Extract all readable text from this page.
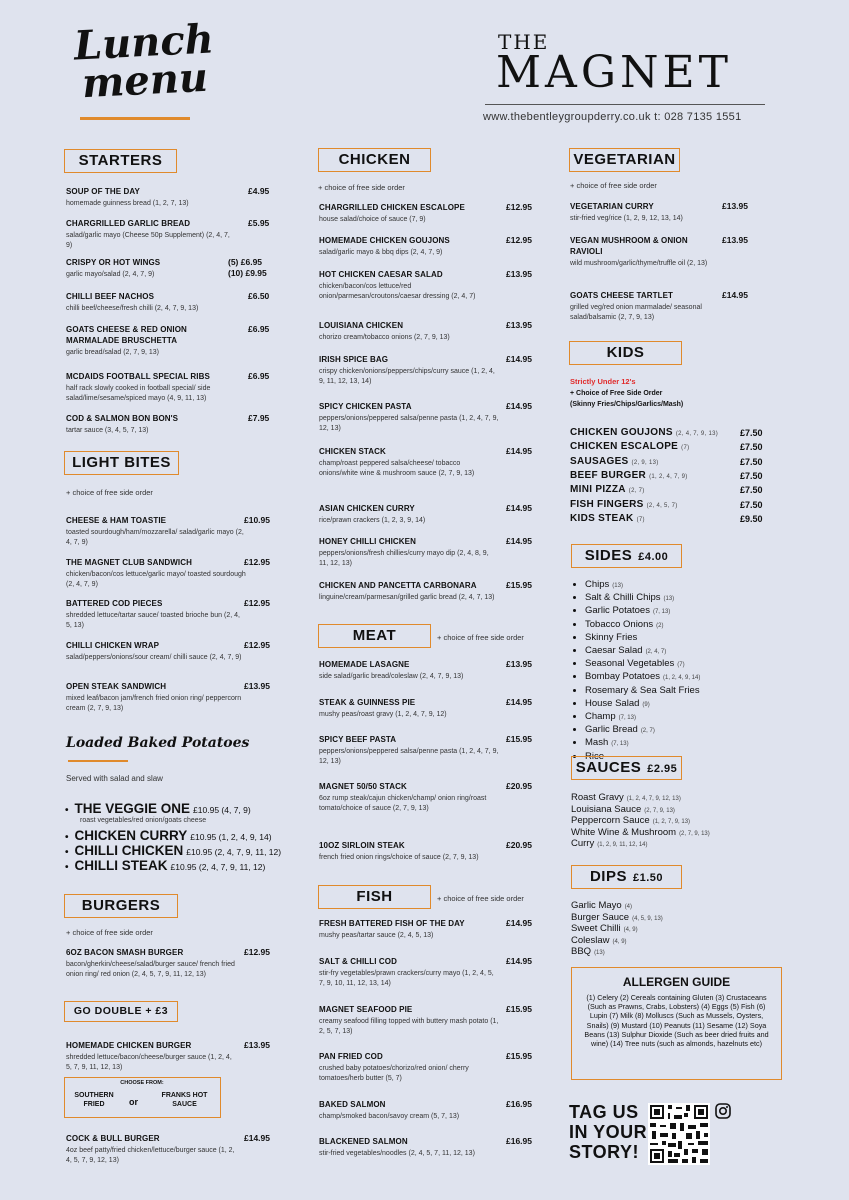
Lunch
menu
THE
MAGNET
www.thebentleygroupderry.co.uk t: 028 7135 1551
STARTERS
SOUP OF THE DAY
homemade guinness bread (1, 2, 7, 13)
£4.95
CHARGRILLED GARLIC BREAD
salad/garlic mayo (Cheese 50p Supplement) (2, 4, 7, 9)
£5.95
CRISPY OR HOT WINGS
garlic mayo/salad (2, 4, 7, 9)
(5) £6.95
(10) £9.95
CHILLI BEEF NACHOS
chilli beef/cheese/fresh chilli (2, 4, 7, 9, 13)
£6.50
GOATS CHEESE & RED ONION MARMALADE BRUSCHETTA
garlic bread/salad (2, 7, 9, 13)
£6.95
MCDAIDS FOOTBALL SPECIAL RIBS
half rack slowly cooked in football special/ side salad/lime/sesame/spiced mayo (4, 9, 11, 13)
£6.95
COD & SALMON BON BON'S
tartar sauce (3, 4, 5, 7, 13)
£7.95
LIGHT BITES
+ choice of free side order
CHEESE & HAM TOASTIE
toasted sourdough/ham/mozzarella/ salad/garlic mayo (2, 4, 7, 9)
£10.95
THE MAGNET CLUB SANDWICH
chicken/bacon/cos lettuce/garlic mayo/ toasted sourdough (2, 4, 7, 9)
£12.95
BATTERED COD PIECES
shredded lettuce/tartar sauce/ toasted brioche bun (2, 4, 5, 13)
£12.95
CHILLI CHICKEN WRAP
salad/peppers/onions/sour cream/ chilli sauce (2, 4, 7, 9)
£12.95
OPEN STEAK SANDWICH
mixed leaf/bacon jam/french fried onion ring/ peppercorn cream (2, 7, 9, 13)
£13.95
Loaded Baked Potatoes
Served with salad and slaw
• THE VEGGIE ONE £10.95 (4, 7, 9)
roast vegetables/red onion/goats cheese
• CHICKEN CURRY £10.95 (1, 2, 4, 9, 14)
• CHILLI CHICKEN £10.95 (2, 4, 7, 9, 11, 12)
• CHILLI STEAK £10.95 (2, 4, 7, 9, 11, 12)
BURGERS
+ choice of free side order
6OZ BACON SMASH BURGER
bacon/gherkin/cheese/salad/burger sauce/ french fried onion ring/ red onion (2, 4, 5, 7, 9, 11, 12, 13)
£12.95
HOMEMADE CHICKEN BURGER
shredded lettuce/bacon/cheese/burger sauce (1, 2, 4, 5, 7, 9, 11, 12, 13)
£13.95
COCK & BULL BURGER
4oz beef patty/fried chicken/lettuce/burger sauce (1, 2, 4, 5, 7, 9, 12, 13)
£14.95
GO DOUBLE + £3
CHOOSE FROM:
SOUTHERN FRIED	or
FRANKS HOT SAUCE
CHICKEN
+ choice of free side order
CHARGRILLED CHICKEN ESCALOPE
house salad/choice of sauce (7, 9)
£12.95
HOMEMADE CHICKEN GOUJONS
salad/garlic mayo & bbq dips (2, 4, 7, 9)
£12.95
HOT CHICKEN CAESAR SALAD
chicken/bacon/cos lettuce/red onion/parmesan/croutons/caesar dressing (2, 4, 7)
£13.95
LOUISIANA CHICKEN
chorizo cream/tobacco onions (2, 7, 9, 13)
£13.95
IRISH SPICE BAG
crispy chicken/onions/peppers/chips/curry sauce (1, 2, 4, 9, 11, 12, 13, 14)
£14.95
SPICY CHICKEN PASTA
peppers/onions/peppered salsa/penne pasta (1, 2, 4, 7, 9, 12, 13)
£14.95
CHICKEN STACK
champ/roast peppered salsa/cheese/ tobacco onions/white wine & mushroom sauce (2, 7, 9, 13)
£14.95
ASIAN CHICKEN CURRY
rice/prawn crackers (1, 2, 3, 9, 14)
£14.95
HONEY CHILLI CHICKEN
peppers/onions/fresh chillies/curry mayo dip (2, 4, 8, 9, 11, 12, 13)
£14.95
CHICKEN AND PANCETTA CARBONARA
linguine/cream/parmesan/grilled garlic bread (2, 4, 7, 13)
£15.95
MEAT	+ choice of free side order
HOMEMADE LASAGNE
side salad/garlic bread/coleslaw (2, 4, 7, 9, 13)
£13.95
STEAK & GUINNESS PIE
mushy peas/roast gravy (1, 2, 4, 7, 9, 12)
£14.95
SPICY BEEF PASTA
peppers/onions/peppered salsa/penne pasta (1, 2, 4, 7, 9, 12, 13)
£15.95
MAGNET 50/50 STACK
6oz rump steak/cajun chicken/champ/ onion ring/roast tomato/choice of sauce (2, 7, 9, 13)
£20.95
10OZ SIRLOIN STEAK
french fried onion rings/choice of sauce (2, 7, 9, 13)
£20.95
FISH	+ choice of free side order
FRESH BATTERED FISH OF THE DAY
mushy peas/tartar sauce (2, 4, 5, 13)
£14.95
SALT & CHILLI COD
stir-fry vegetables/prawn crackers/curry mayo (1, 2, 4, 5, 7, 9, 10, 11, 12, 13, 14)
£14.95
MAGNET SEAFOOD PIE
creamy seafood filling topped with buttery mash potato (1, 2, 5, 7, 13)
£15.95
PAN FRIED COD
crushed baby potatoes/chorizo/red onion/ cherry tomatoes/herb butter (5, 7)
£15.95
BAKED SALMON
champ/smoked bacon/savoy cream (5, 7, 13)
£16.95
BLACKENED SALMON
stir-fried vegetables/noodles (2, 4, 5, 7, 11, 12, 13)
£16.95
VEGETARIAN
+ choice of free side order
VEGETARIAN CURRY
stir-fried veg/rice (1, 2, 9, 12, 13, 14)
£13.95
VEGAN MUSHROOM & ONION RAVIOLI
wild mushroom/garlic/thyme/truffle oil (2, 13)
£13.95
GOATS CHEESE TARTLET
grilled veg/red onion marmalade/ seasonal salad/balsamic (2, 7, 9, 13)
£14.95
KIDS
Strictly Under 12's
+ Choice of Free Side Order
(Skinny Fries/Chips/Garlics/Mash)
CHICKEN GOUJONS (2, 4, 7, 9, 13) £7.50
CHICKEN ESCALOPE (7)	£7.50
SAUSAGES (2, 9, 13)	£7.50
BEEF BURGER (1, 2, 4, 7, 9)	£7.50
MINI PIZZA (2, 7)	£7.50
FISH FINGERS (2, 4, 5, 7)	£7.50
KIDS STEAK (7)	£9.50
SIDES £4.00
• Chips (13)
• Salt & Chilli Chips (13)
• Garlic Potatoes (7, 13)
• Tobacco Onions (2)
• Skinny Fries
• Caesar Salad (2, 4, 7)
• Seasonal Vegetables (7)
• Bombay Potatoes (1, 2, 4, 9, 14)
• Rosemary & Sea Salt Fries
• House Salad (9)
• Champ (7, 13)
• Garlic Bread (2, 7)
• Mash (7, 13)
• Rice
SAUCES £2.95
Roast Gravy (1, 2, 4, 7, 9, 12, 13)
Louisiana Sauce (2, 7, 9, 13)
Peppercorn Sauce (1, 2, 7, 9, 13)
White Wine & Mushroom (2, 7, 9, 13)
Curry (1, 2, 9, 11, 12, 14)
DIPS £1.50
Garlic Mayo (4)
Burger Sauce (4, 5, 9, 13)
Sweet Chilli (4, 9)
Coleslaw (4, 9)
BBQ (13)
ALLERGEN GUIDE
(1) Celery (2) Cereals containing Gluten (3) Crustaceans (Such as Prawns, Crabs, Lobsters) (4) Eggs (5) Fish (6) Lupin (7) Milk (8) Molluscs (Such as Mussels, Oysters, Snails) (9) Mustard (10) Peanuts (11) Sesame (12) Soya Beans (13) Sulphur Dioxide (Such as beer dried fruits and wine) (14) Tree nuts (such as almonds, hazelnuts etc)
TAG US
IN YOUR
STORY!
